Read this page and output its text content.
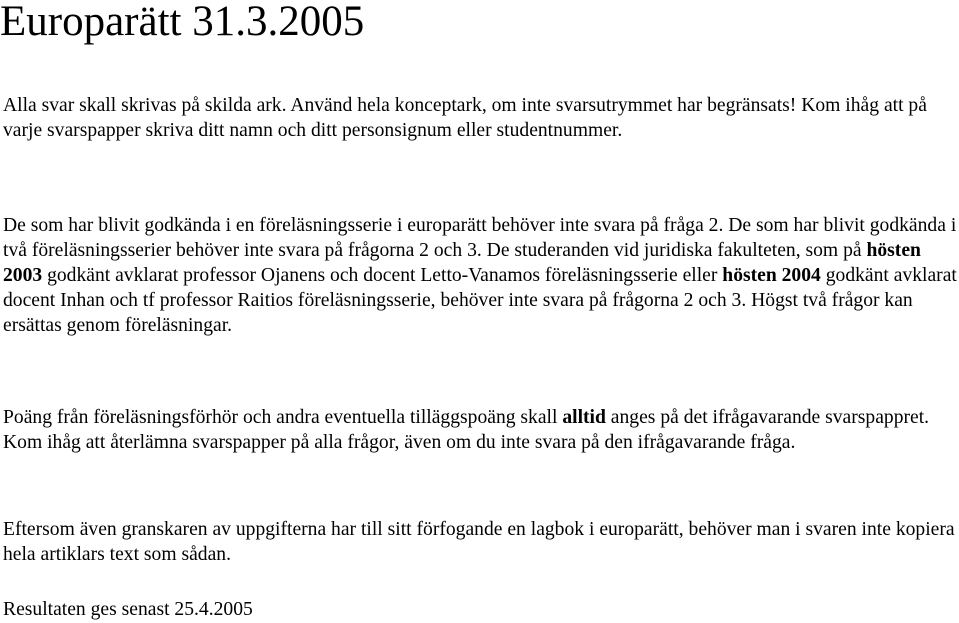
Europarätt 31.3.2005

Alla svar skall skrivas på skilda ark. Använd hela konceptark, om inte svarsutrymmet har begränsats! Kom ihåg att på varje svarspapper skriva ditt namn och ditt personsignum eller studentnummer.

De som har blivit godkända i en föreläsningsserie i europarätt behöver inte svara på fråga 2. De som har blivit godkända i två föreläsningsserier behöver inte svara på frågorna 2 och 3. De studeranden vid juridiska fakulteten, som på hösten 2003 godkänt avklarat professor Ojanens och docent Letto-Vanamos föreläsningsserie eller hösten 2004 godkänt avklarat docent Inhan och tf professor Raitios föreläsningsserie, behöver inte svara på frågorna 2 och 3. Högst två frågor kan ersättas genom föreläsningar.

Poäng från föreläsningsförhör och andra eventuella tilläggspoäng skall alltid anges på det ifrågavarande svarspappret. Kom ihåg att återlämna svarspapper på alla frågor, även om du inte svara på den ifrågavarande fråga.

Eftersom även granskaren av uppgifterna har till sitt förfogande en lagbok i europarätt, behöver man i svaren inte kopiera hela artiklars text som sådan.

Resultaten ges senast 25.4.2005
